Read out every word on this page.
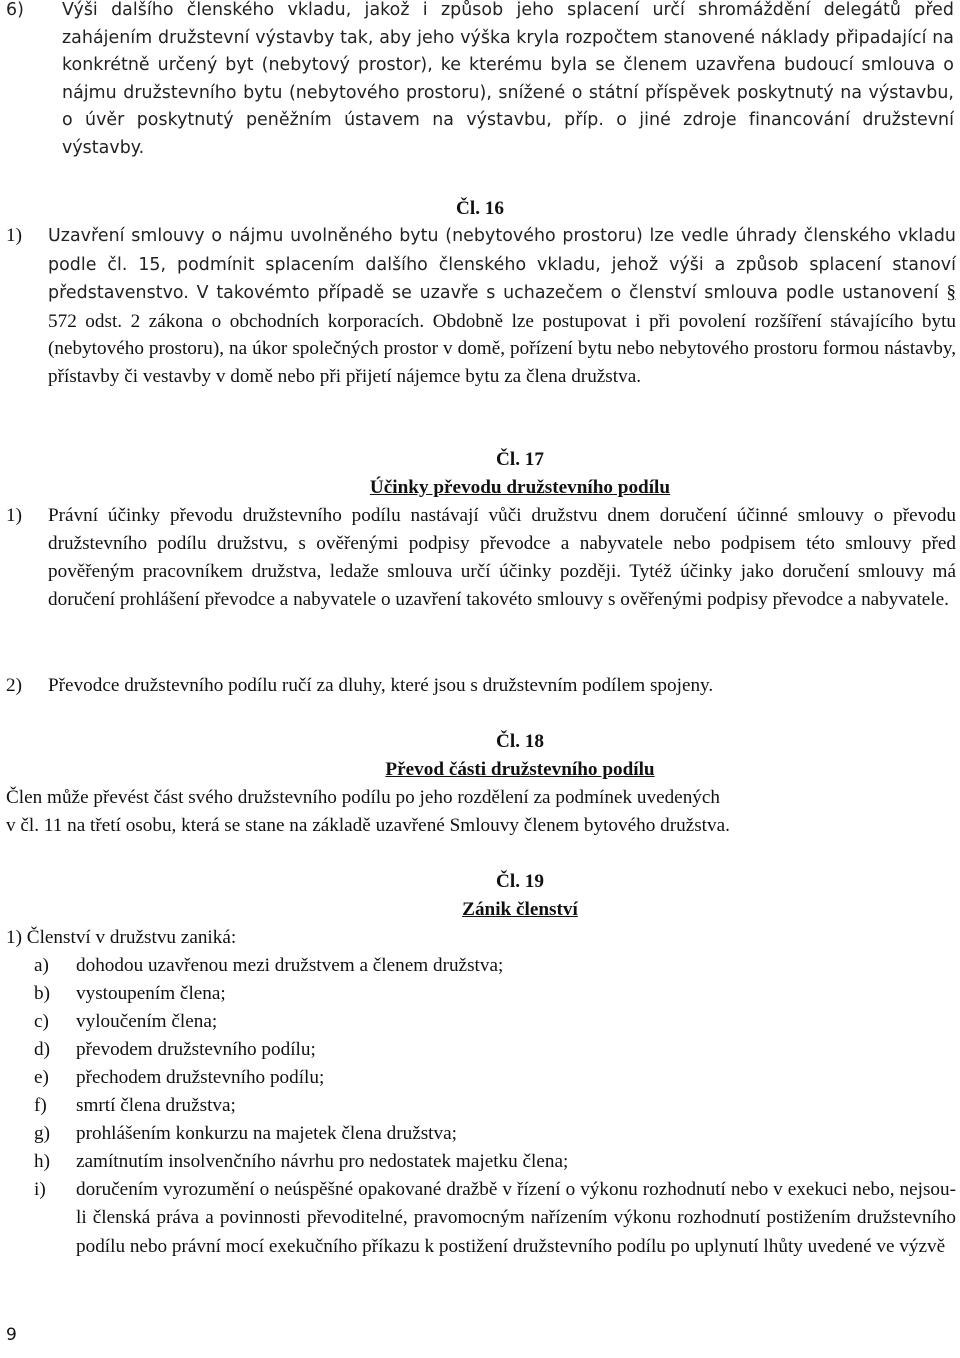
6) Výši dalšího členského vkladu, jakož i způsob jeho splacení určí shromáždění delegátů před zahájením družstevní výstavby tak, aby jeho výška kryla rozpočtem stanovené náklady připadající na konkrétně určený byt (nebytový prostor), ke kterému byla se členem uzavřena budoucí smlouva o nájmu družstevního bytu (nebytového prostoru), snížené o státní příspěvek poskytnutý na výstavbu, o úvěr poskytnutý peněžním ústavem na výstavbu, příp. o jiné zdroje financování družstevní výstavby.
Čl. 16
1) Uzavření smlouvy o nájmu uvolněného bytu (nebytového prostoru) lze vedle úhrady členského vkladu podle čl. 15, podmínit splacením dalšího členského vkladu, jehož výši a způsob splacení stanoví představenstvo. V takovémto případě se uzavře s uchazečem o členství smlouva podle ustanovení § 572 odst. 2 zákona o obchodních korporacích. Obdobně lze postupovat i při povolení rozšíření stávajícího bytu (nebytového prostoru), na úkor společných prostor v domě, pořízení bytu nebo nebytového prostoru formou nástavby, přístavby či vestavby v domě nebo při přijetí nájemce bytu za člena družstva.
Čl. 17
Účinky převodu družstevního podílu
1) Právní účinky převodu družstevního podílu nastávají vůči družstvu dnem doručení účinné smlouvy o převodu družstevního podílu družstvu, s ověřenými podpisy převodce a nabyvatele nebo podpisem této smlouvy před pověřeným pracovníkem družstva, ledaže smlouva určí účinky později. Tytéž účinky jako doručení smlouvy má doručení prohlášení převodce a nabyvatele o uzavření takovéto smlouvy s ověřenými podpisy převodce a nabyvatele.
2) Převodce družstevního podílu ručí za dluhy, které jsou s družstevním podílem spojeny.
Čl. 18
Převod části družstevního podílu
Člen může převést část svého družstevního podílu po jeho rozdělení za podmínek uvedených
v čl. 11 na třetí osobu, která se stane na základě uzavřené Smlouvy členem bytového družstva.
Čl. 19
Zánik členství
1) Členství v družstvu zaniká:
a) dohodou uzavřenou mezi družstvem a členem družstva;
b) vystoupením člena;
c) vyloučením člena;
d) převodem družstevního podílu;
e) přechodem družstevního podílu;
f) smrtí člena družstva;
g) prohlášením konkurzu na majetek člena družstva;
h) zamítnutím insolvenčního návrhu pro nedostatek majetku člena;
i) doručením vyrozumění o neúspěšné opakované dražbě v řízení o výkonu rozhodnutí nebo v exekuci nebo, nejsou-li členská práva a povinnosti převoditelné, pravomocným nařízením výkonu rozhodnutí postižením družstevního podílu nebo právní mocí exekučního příkazu k postižení družstevního podílu po uplynutí lhůty uvedené ve výzvě
9
